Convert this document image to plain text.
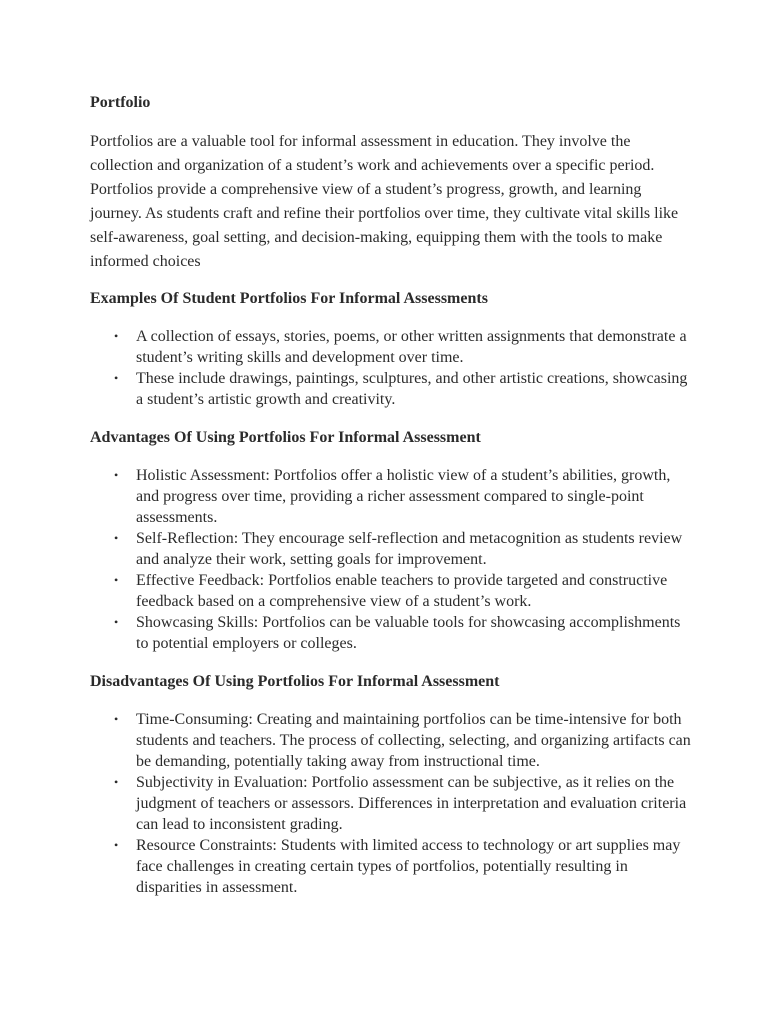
Portfolio

Portfolios are a valuable tool for informal assessment in education. They involve the collection and organization of a student’s work and achievements over a specific period. Portfolios provide a comprehensive view of a student’s progress, growth, and learning journey. As students craft and refine their portfolios over time, they cultivate vital skills like self-awareness, goal setting, and decision-making, equipping them with the tools to make informed choices

Examples Of Student Portfolios For Informal Assessments
• A collection of essays, stories, poems, or other written assignments that demonstrate a student’s writing skills and development over time.
• These include drawings, paintings, sculptures, and other artistic creations, showcasing a student’s artistic growth and creativity.
Advantages Of Using Portfolios For Informal Assessment
• Holistic Assessment: Portfolios offer a holistic view of a student’s abilities, growth, and progress over time, providing a richer assessment compared to single-point assessments.
• Self-Reflection: They encourage self-reflection and metacognition as students review and analyze their work, setting goals for improvement.
• Effective Feedback: Portfolios enable teachers to provide targeted and constructive feedback based on a comprehensive view of a student’s work.
• Showcasing Skills: Portfolios can be valuable tools for showcasing accomplishments to potential employers or colleges.
Disadvantages Of Using Portfolios For Informal Assessment
• Time-Consuming: Creating and maintaining portfolios can be time-intensive for both students and teachers. The process of collecting, selecting, and organizing artifacts can be demanding, potentially taking away from instructional time.
• Subjectivity in Evaluation: Portfolio assessment can be subjective, as it relies on the judgment of teachers or assessors. Differences in interpretation and evaluation criteria can lead to inconsistent grading.
• Resource Constraints: Students with limited access to technology or art supplies may face challenges in creating certain types of portfolios, potentially resulting in disparities in assessment.
